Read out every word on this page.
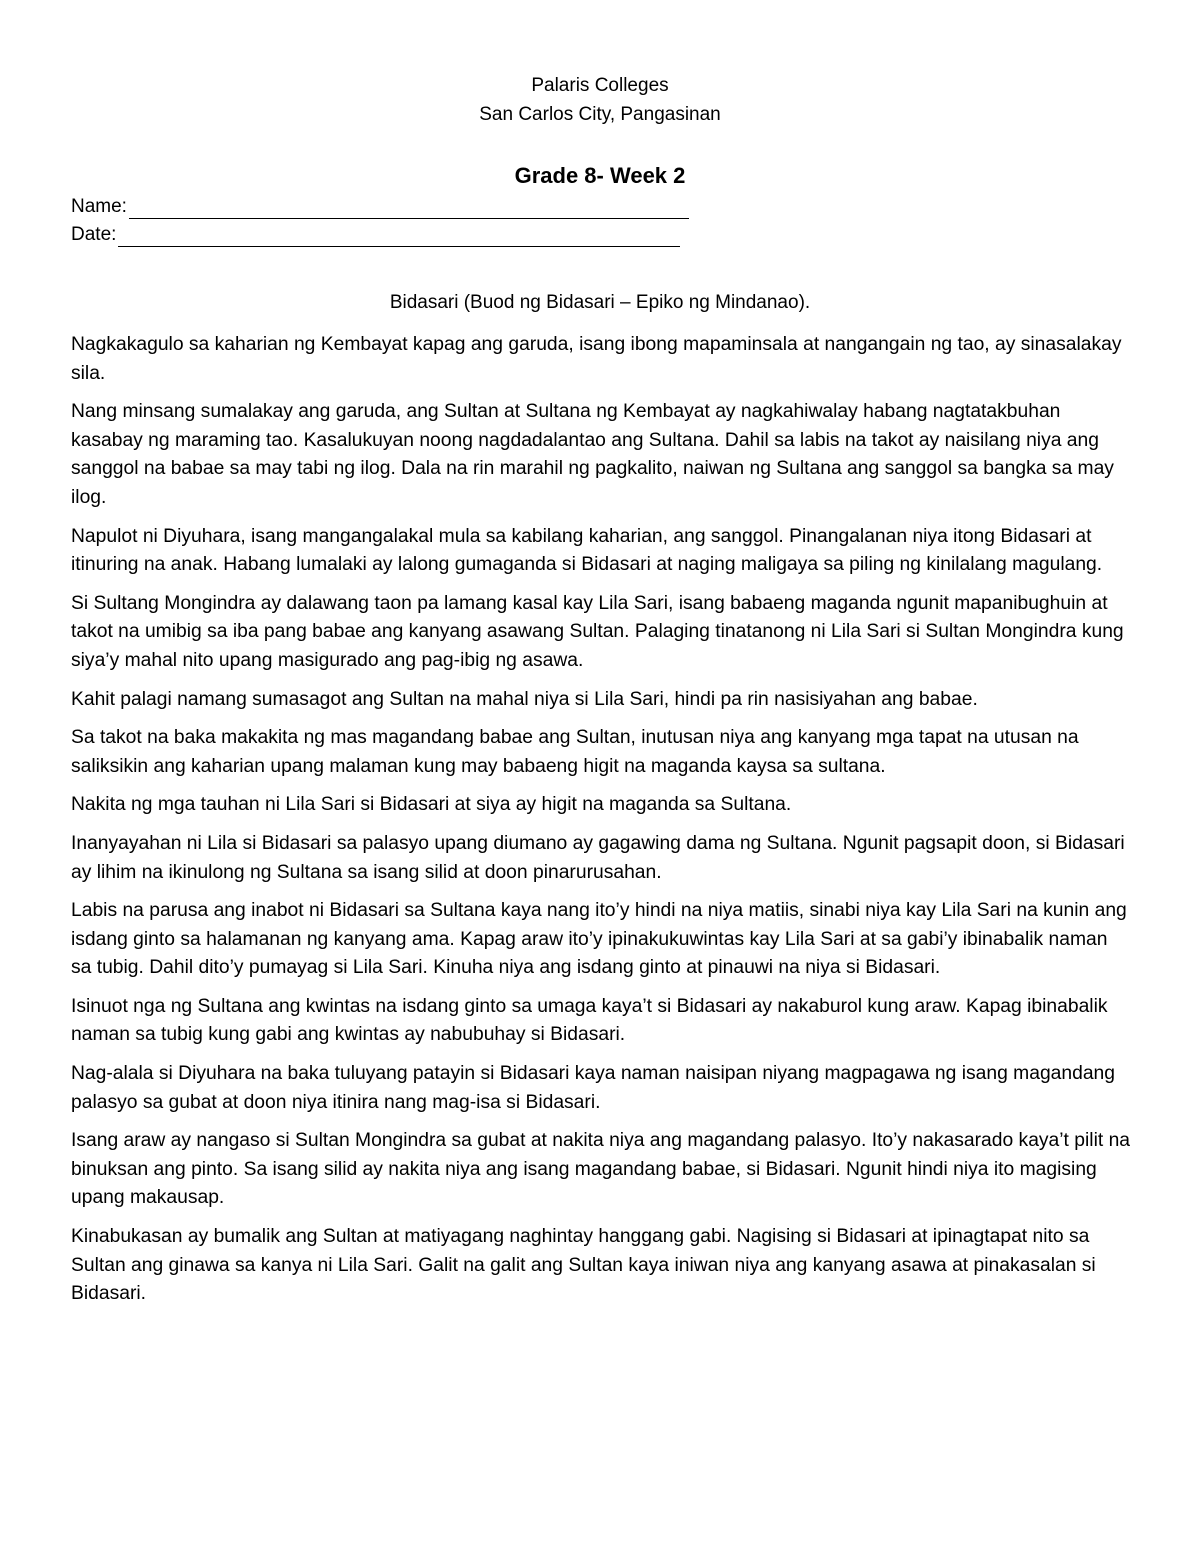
Palaris Colleges
San Carlos City, Pangasinan
Grade 8- Week 2
Name:
Date:
Bidasari (Buod ng Bidasari – Epiko ng Mindanao).

Nagkakagulo sa kaharian ng Kembayat kapag ang garuda, isang ibong mapaminsala at nangangain ng tao, ay sinasalakay sila.

Nang minsang sumalakay ang garuda, ang Sultan at Sultana ng Kembayat ay nagkahiwalay habang nagtatakbuhan kasabay ng maraming tao. Kasalukuyan noong nagdadalantao ang Sultana. Dahil sa labis na takot ay naisilang niya ang sanggol na babae sa may tabi ng ilog. Dala na rin marahil ng pagkalito, naiwan ng Sultana ang sanggol sa bangka sa may ilog.

Napulot ni Diyuhara, isang mangangalakal mula sa kabilang kaharian, ang sanggol. Pinangalanan niya itong Bidasari at itinuring na anak. Habang lumalaki ay lalong gumaganda si Bidasari at naging maligaya sa piling ng kinilalang magulang.

Si Sultang Mongindra ay dalawang taon pa lamang kasal kay Lila Sari, isang babaeng maganda ngunit mapanibughuin at takot na umibig sa iba pang babae ang kanyang asawang Sultan. Palaging tinatanong ni Lila Sari si Sultan Mongindra kung siya’y mahal nito upang masigurado ang pag-ibig ng asawa.

Kahit palagi namang sumasagot ang Sultan na mahal niya si Lila Sari, hindi pa rin nasisiyahan ang babae.

Sa takot na baka makakita ng mas magandang babae ang Sultan, inutusan niya ang kanyang mga tapat na utusan na saliksikin ang kaharian upang malaman kung may babaeng higit na maganda kaysa sa sultana.

Nakita ng mga tauhan ni Lila Sari si Bidasari at siya ay higit na maganda sa Sultana.

Inanyayahan ni Lila si Bidasari sa palasyo upang diumano ay gagawing dama ng Sultana. Ngunit pagsapit doon, si Bidasari ay lihim na ikinulong ng Sultana sa isang silid at doon pinarurusahan.

Labis na parusa ang inabot ni Bidasari sa Sultana kaya nang ito’y hindi na niya matiis, sinabi niya kay Lila Sari na kunin ang isdang ginto sa halamanan ng kanyang ama. Kapag araw ito’y ipinakukuwintas kay Lila Sari at sa gabi’y ibinabalik naman sa tubig. Dahil dito’y pumayag si Lila Sari. Kinuha niya ang isdang ginto at pinauwi na niya si Bidasari.

Isinuot nga ng Sultana ang kwintas na isdang ginto sa umaga kaya’t si Bidasari ay nakaburol kung araw. Kapag ibinabalik naman sa tubig kung gabi ang kwintas ay nabubuhay si Bidasari.

Nag-alala si Diyuhara na baka tuluyang patayin si Bidasari kaya naman naisipan niyang magpagawa ng isang magandang palasyo sa gubat at doon niya itinira nang mag-isa si Bidasari.

Isang araw ay nangaso si Sultan Mongindra sa gubat at nakita niya ang magandang palasyo. Ito’y nakasarado kaya’t pilit na binuksan ang pinto. Sa isang silid ay nakita niya ang isang magandang babae, si Bidasari. Ngunit hindi niya ito magising upang makausap.

Kinabukasan ay bumalik ang Sultan at matiyagang naghintay hanggang gabi. Nagising si Bidasari at ipinagtapat nito sa Sultan ang ginawa sa kanya ni Lila Sari. Galit na galit ang Sultan kaya iniwan niya ang kanyang asawa at pinakasalan si Bidasari.
